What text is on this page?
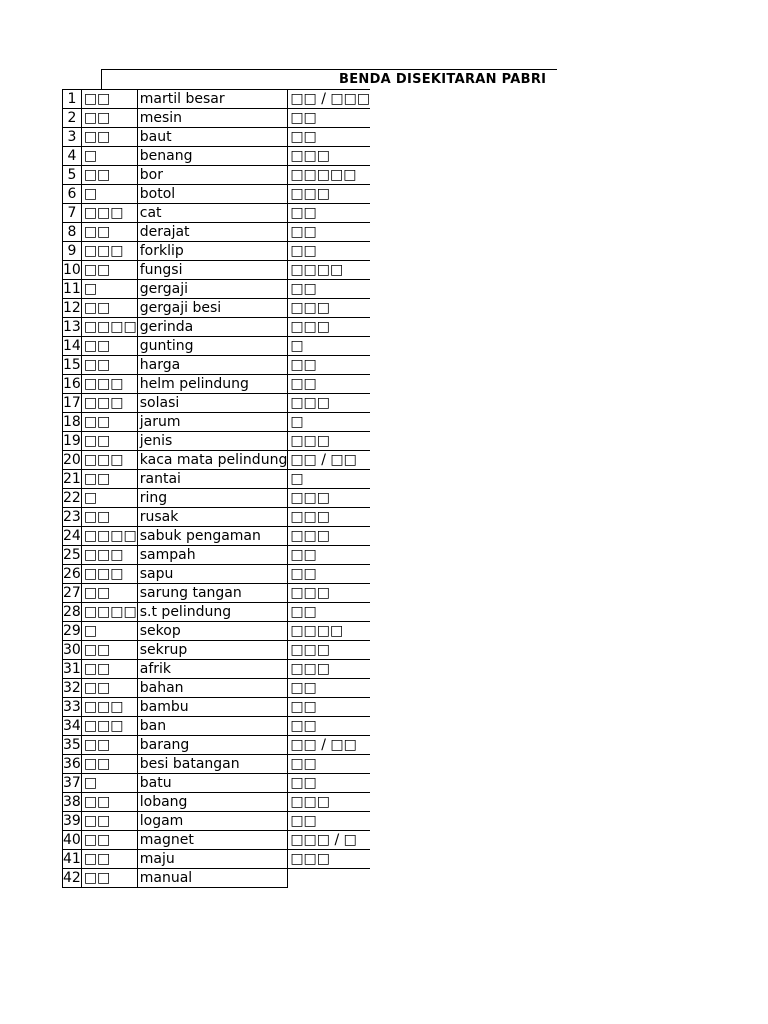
BENDA DISEKITARAN PABRI
1	□□	martil besar	□□ / □□□
2	□□	mesin	□□
3	□□	baut	□□
4	□	benang	□□□
5	□□	bor	□□□□□
6	□	botol	□□□
7	□□□	cat	□□
8	□□	derajat	□□
9	□□□	forklip	□□
10	□□	fungsi	□□□□
11	□	gergaji	□□
12	□□	gergaji besi	□□□
13	□□□□	gerinda	□□□
14	□□	gunting	□
15	□□	harga	□□
16	□□□	helm pelindung	□□
17	□□□	solasi	□□□
18	□□	jarum	□
19	□□	jenis	□□□
20	□□□	kaca mata pelindung	□□ / □□
21	□□	rantai	□
22	□	ring	□□□
23	□□	rusak	□□□
24	□□□□	sabuk pengaman	□□□
25	□□□	sampah	□□
26	□□□	sapu	□□
27	□□	sarung tangan	□□□
28	□□□□	s.t pelindung	□□
29	□	sekop	□□□□
30	□□	sekrup	□□□
31	□□	afrik	□□□
32	□□	bahan	□□
33	□□□	bambu	□□
34	□□□	ban	□□
35	□□	barang	□□ / □□
36	□□	besi batangan	□□
37	□	batu	□□
38	□□	lobang	□□□
39	□□	logam	□□
40	□□	magnet	□□□ / □
41	□□	maju	□□□
42	□□	manual	
